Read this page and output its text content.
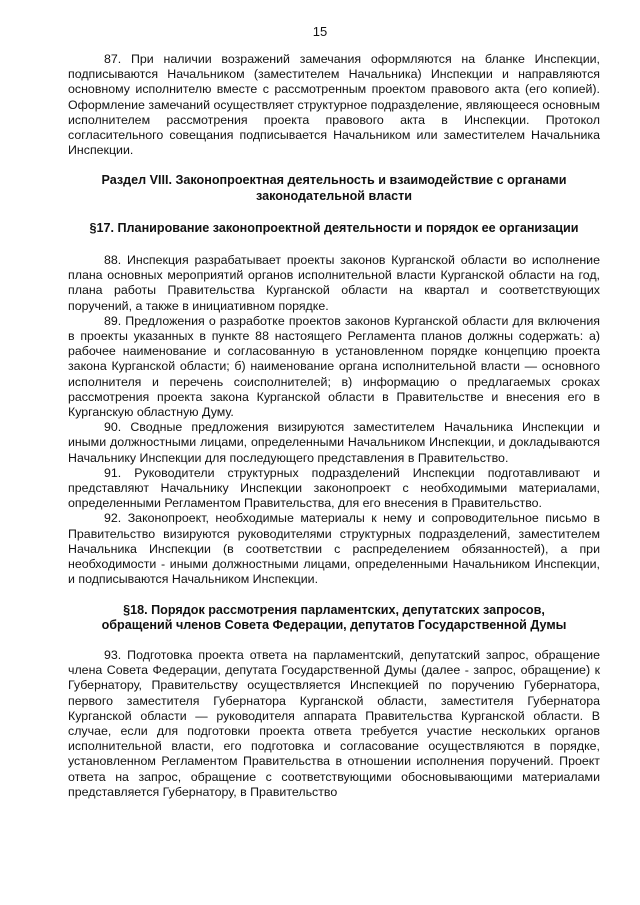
15

87. При наличии возражений замечания оформляются на бланке Инспекции, подписываются Начальником (заместителем Начальника) Инспекции и направляются основному исполнителю вместе с рассмотренным проектом правового акта (его копией). Оформление замечаний осуществляет структурное подразделение, являющееся основным исполнителем рассмотрения проекта правового акта в Инспекции. Протокол согласительного совещания подписывается Начальником или заместителем Начальника Инспекции.

Раздел VIII. Законопроектная деятельность и взаимодействие с органами
законодательной власти
§17. Планирование законопроектной деятельности и порядок ее организации

88. Инспекция разрабатывает проекты законов Курганской области во исполнение плана основных мероприятий органов исполнительной власти Курганской области на год, плана работы Правительства Курганской области на квартал и соответствующих поручений, а также в инициативном порядке.

89. Предложения о разработке проектов законов Курганской области для включения в проекты указанных в пункте 88 настоящего Регламента планов должны содержать: а) рабочее наименование и согласованную в установленном порядке концепцию проекта закона Курганской области; б) наименование органа исполнительной власти — основного исполнителя и перечень соисполнителей; в) информацию о предлагаемых сроках рассмотрения проекта закона Курганской области в Правительстве и внесения его в Курганскую областную Думу.

90. Сводные предложения визируются заместителем Начальника Инспекции и иными должностными лицами, определенными Начальником Инспекции, и докладываются Начальнику Инспекции для последующего представления в Правительство.

91. Руководители структурных подразделений Инспекции подготавливают и представляют Начальнику Инспекции законопроект с необходимыми материалами, определенными Регламентом Правительства, для его внесения в Правительство.

92. Законопроект, необходимые материалы к нему и сопроводительное письмо в Правительство визируются руководителями структурных подразделений, заместителем Начальника Инспекции (в соответствии с распределением обязанностей), а при необходимости - иными должностными лицами, определенными Начальником Инспекции, и подписываются Начальником Инспекции.

§18. Порядок рассмотрения парламентских, депутатских запросов,
обращений членов Совета Федерации, депутатов Государственной Думы

93. Подготовка проекта ответа на парламентский, депутатский запрос, обращение члена Совета Федерации, депутата Государственной Думы (далее - запрос, обращение) к Губернатору, Правительству осуществляется Инспекцией по поручению Губернатора, первого заместителя Губернатора Курганской области, заместителя Губернатора Курганской области — руководителя аппарата Правительства Курганской области. В случае, если для подготовки проекта ответа требуется участие нескольких органов исполнительной власти, его подготовка и согласование осуществляются в порядке, установленном Регламентом Правительства в отношении исполнения поручений. Проект ответа на запрос, обращение с соответствующими обосновывающими материалами представляется Губернатору, в Правительство
